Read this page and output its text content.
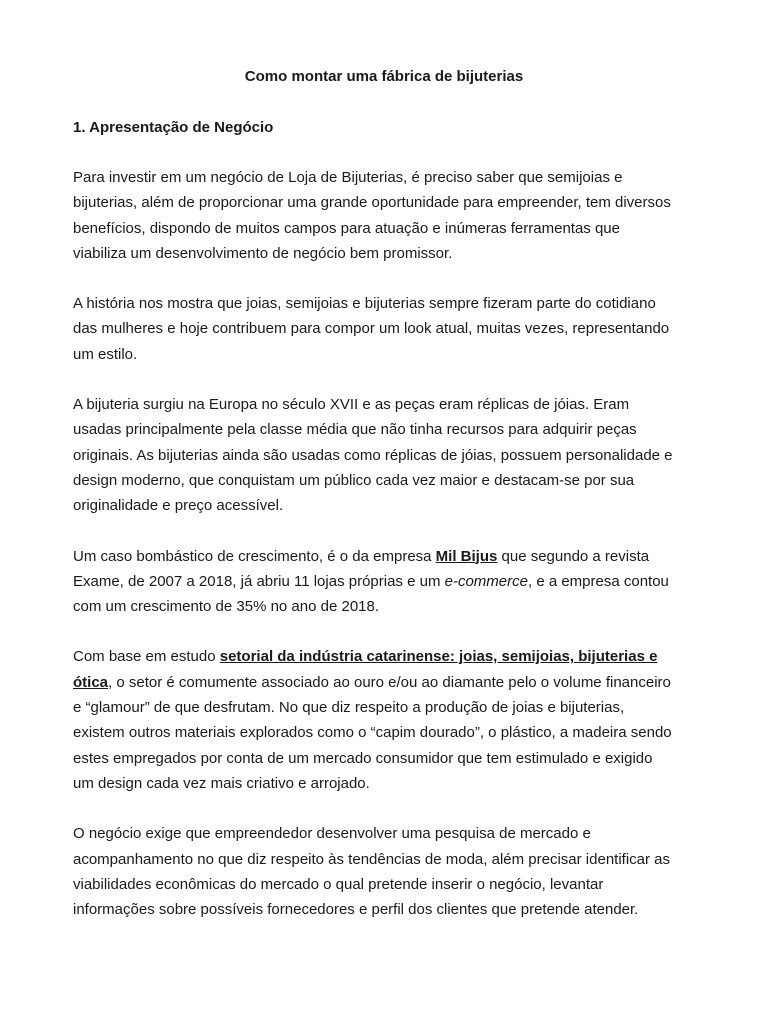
Como montar uma fábrica de bijuterias
1. Apresentação de Negócio

Para investir em um negócio de Loja de Bijuterias, é preciso saber que semijoias e
bijuterias, além de proporcionar uma grande oportunidade para empreender, tem diversos
benefícios, dispondo de muitos campos para atuação e inúmeras ferramentas que
viabiliza um desenvolvimento de negócio bem promissor.

A história nos mostra que joias, semijoias e bijuterias sempre fizeram parte do cotidiano
das mulheres e hoje contribuem para compor um look atual, muitas vezes, representando
um estilo.

A bijuteria surgiu na Europa no século XVII e as peças eram réplicas de jóias. Eram
usadas principalmente pela classe média que não tinha recursos para adquirir peças
originais. As bijuterias ainda são usadas como réplicas de jóias, possuem personalidade e
design moderno, que conquistam um público cada vez maior e destacam-se por sua
originalidade e preço acessível.

Um caso bombástico de crescimento, é o da empresa Mil Bijus que segundo a revista
Exame, de 2007 a 2018, já abriu 11 lojas próprias e um e-commerce, e a empresa contou
com um crescimento de 35% no ano de 2018.

Com base em estudo setorial da indústria catarinense: joias, semijoias, bijuterias e
ótica, o setor é comumente associado ao ouro e/ou ao diamante pelo o volume financeiro
e “glamour” de que desfrutam. No que diz respeito a produção de joias e bijuterias,
existem outros materiais explorados como o “capim dourado”, o plástico, a madeira sendo
estes empregados por conta de um mercado consumidor que tem estimulado e exigido
um design cada vez mais criativo e arrojado.

O negócio exige que empreendedor desenvolver uma pesquisa de mercado e
acompanhamento no que diz respeito às tendências de moda, além precisar identificar as
viabilidades econômicas do mercado o qual pretende inserir o negócio, levantar
informações sobre possíveis fornecedores e perfil dos clientes que pretende atender.
